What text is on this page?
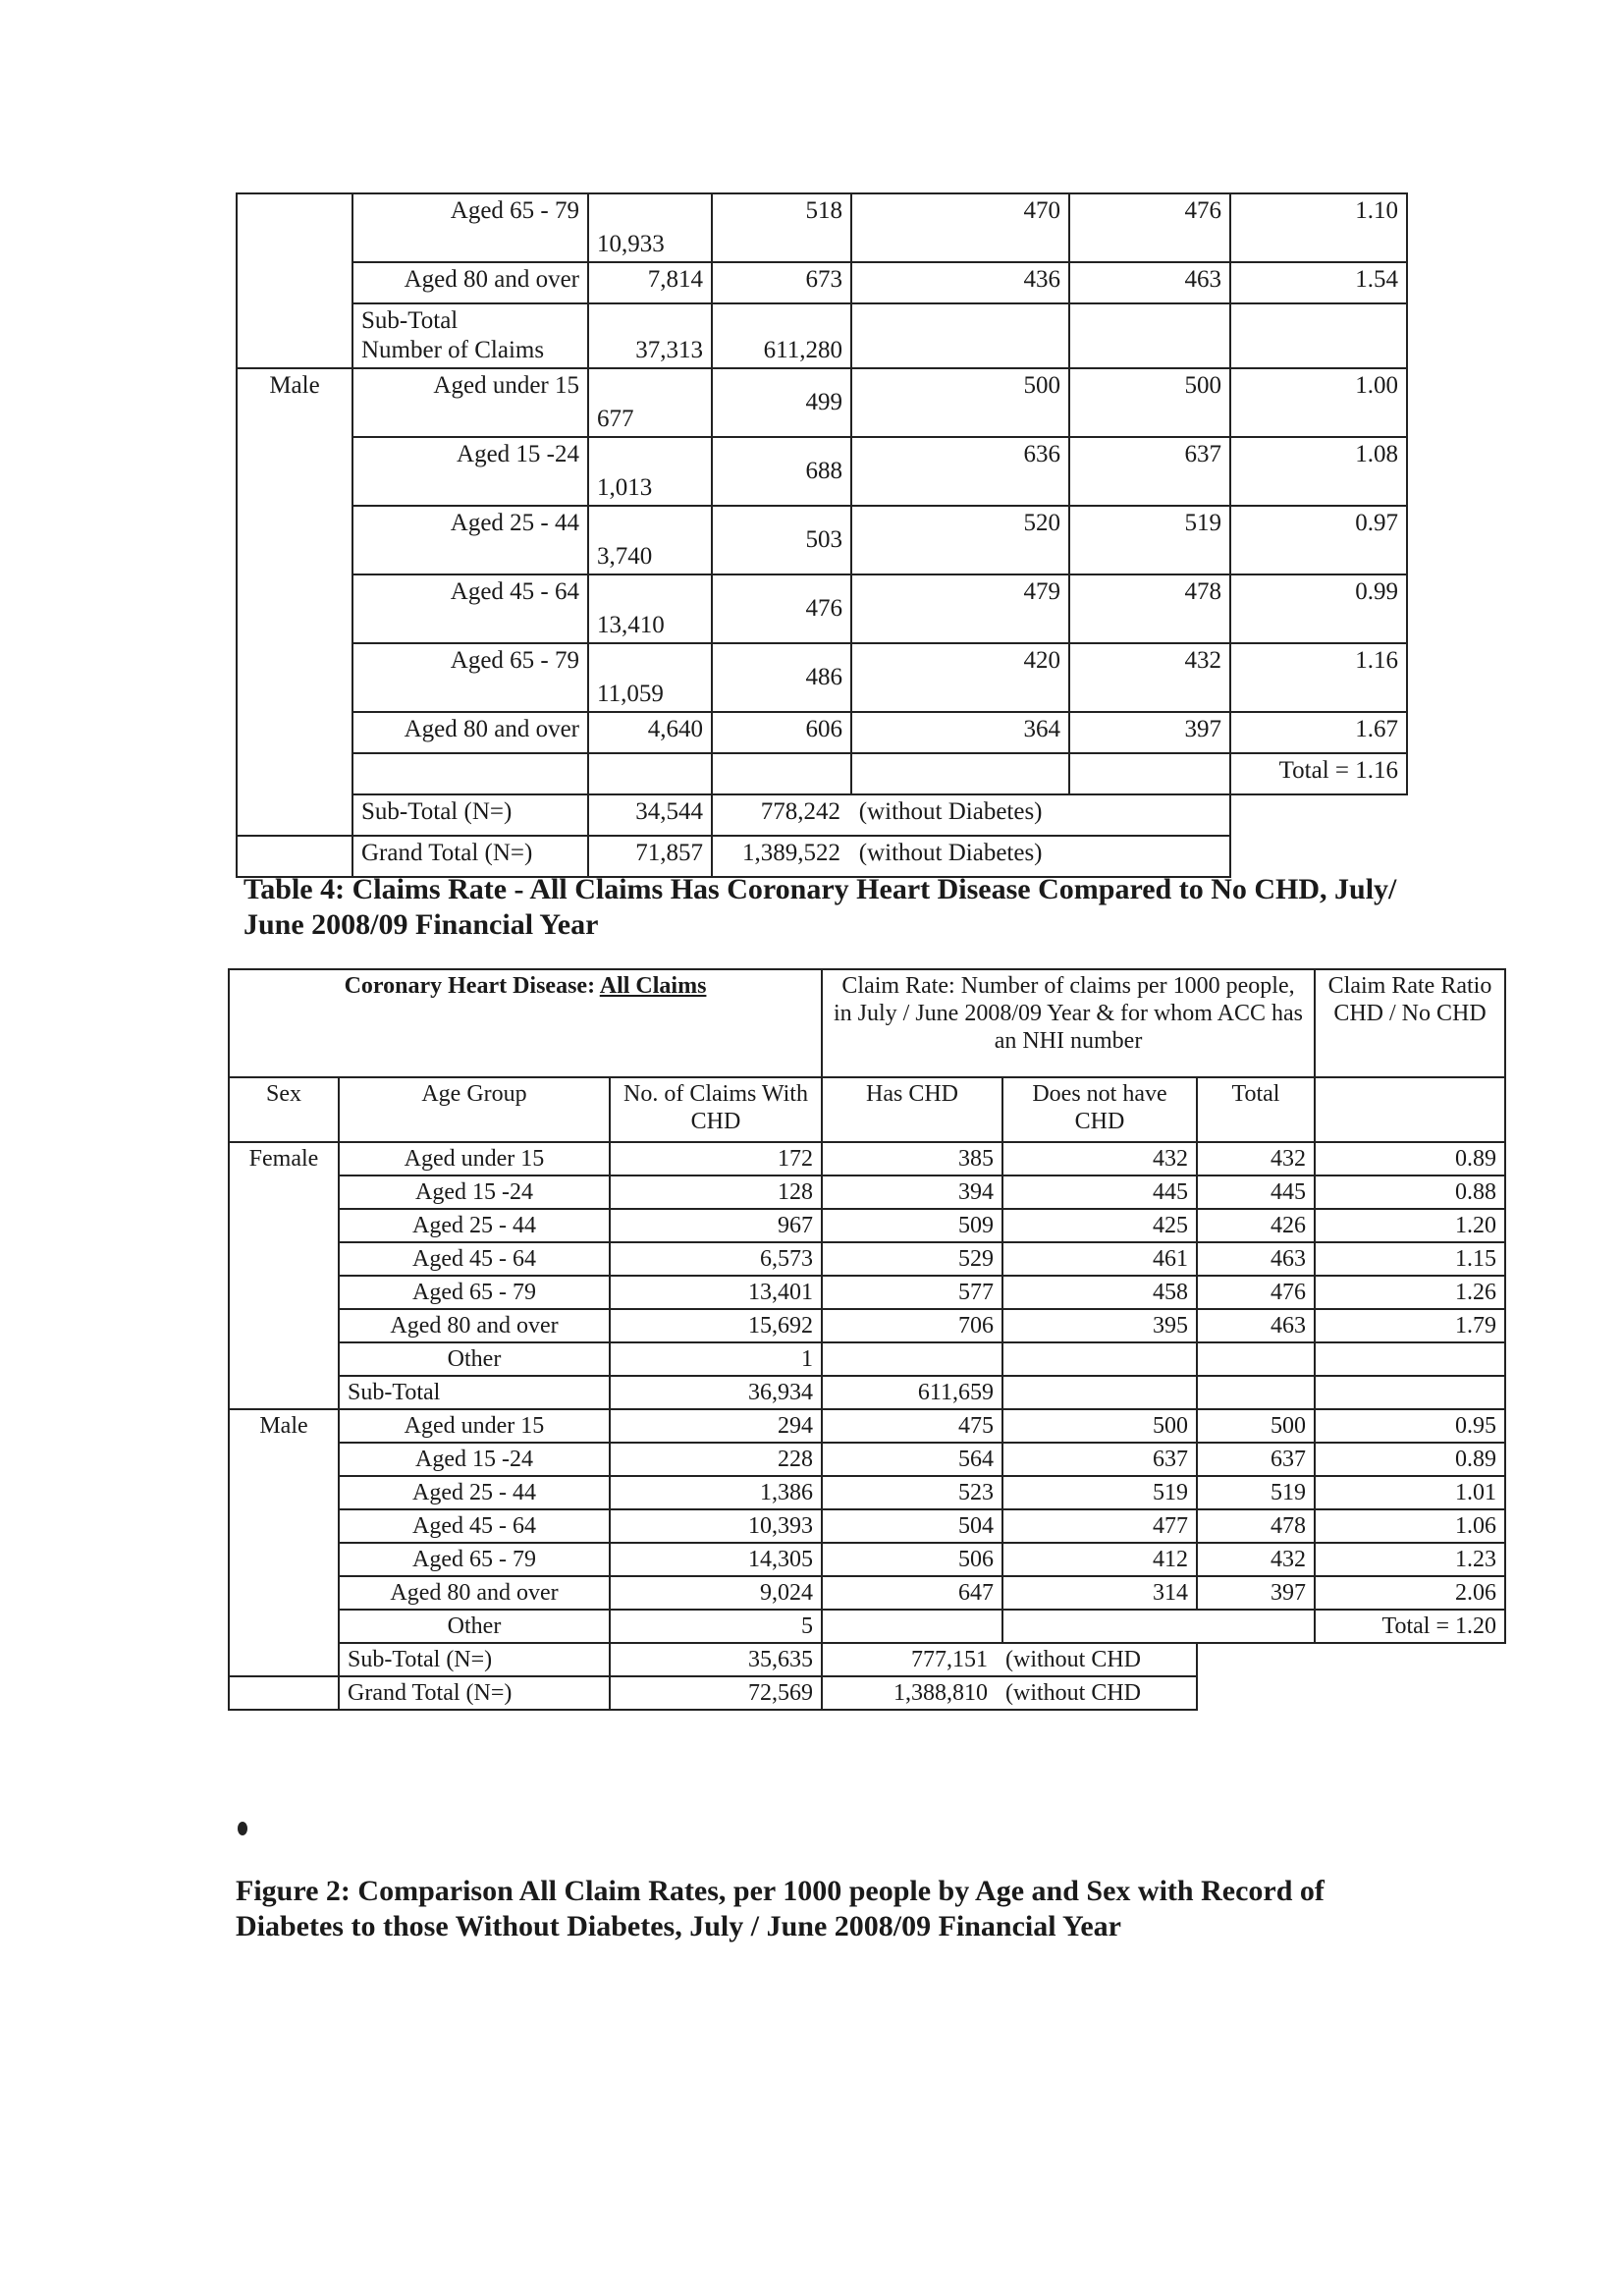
	Aged 65 - 79	10,933	518	470	476	1.10
	Aged 80 and over	7,814	673	436	463	1.54

	Sub-Total
Number of Claims	37,313	611,280			
Male	Aged under 15	677	499	500	500	1.00
	Aged 15 -24	1,013	688	636	637	1.08
	Aged 25 - 44	3,740	503	520	519	0.97
	Aged 45 - 64	13,410	476	479	478	0.99
	Aged 65 - 79	11,059	486	420	432	1.16
	Aged 80 and over	4,640	606	364	397	1.67
						Total = 1.16
	Sub-Total (N=)	34,544	778,242 (without Diabetes)			
	Grand Total (N=)	71,857	1,389,522 (without Diabetes)			
Table 4: Claims Rate - All Claims Has Coronary Heart Disease Compared to No CHD, July/ June 2008/09 Financial Year
Coronary Heart Disease: All Claims			Claim Rate: Number of claims per 1000 people, in July / June 2008/09 Year & for whom ACC has an NHI number			Claim Rate Ratio CHD / No CHD
Sex	Age Group	No. of Claims With CHD	Has CHD	Does not have CHD	Total	
Female	Aged under 15	172	385	432	432	0.89
	Aged 15 -24	128	394	445	445	0.88
	Aged 25 - 44	967	509	425	426	1.20
	Aged 45 - 64	6,573	529	461	463	1.15
	Aged 65 - 79	13,401	577	458	476	1.26
	Aged 80 and over	15,692	706	395	463	1.79
	Other	1				
	Sub-Total	36,934	611,659			
Male	Aged under 15	294	475	500	500	0.95
	Aged 15 -24	228	564	637	637	0.89
	Aged 25 - 44	1,386	523	519	519	1.01
	Aged 45 - 64	10,393	504	477	478	1.06
	Aged 65 - 79	14,305	506	412	432	1.23
	Aged 80 and over	9,024	647	314	397	2.06
	Other	5				Total = 1.20
	Sub-Total (N=)	35,635	777,151 (without CHD			
	Grand Total (N=)	72,569	1,388,810 (without CHD			
Figure 2: Comparison All Claim Rates, per 1000 people by Age and Sex with Record of Diabetes to those Without Diabetes, July / June 2008/09 Financial Year
